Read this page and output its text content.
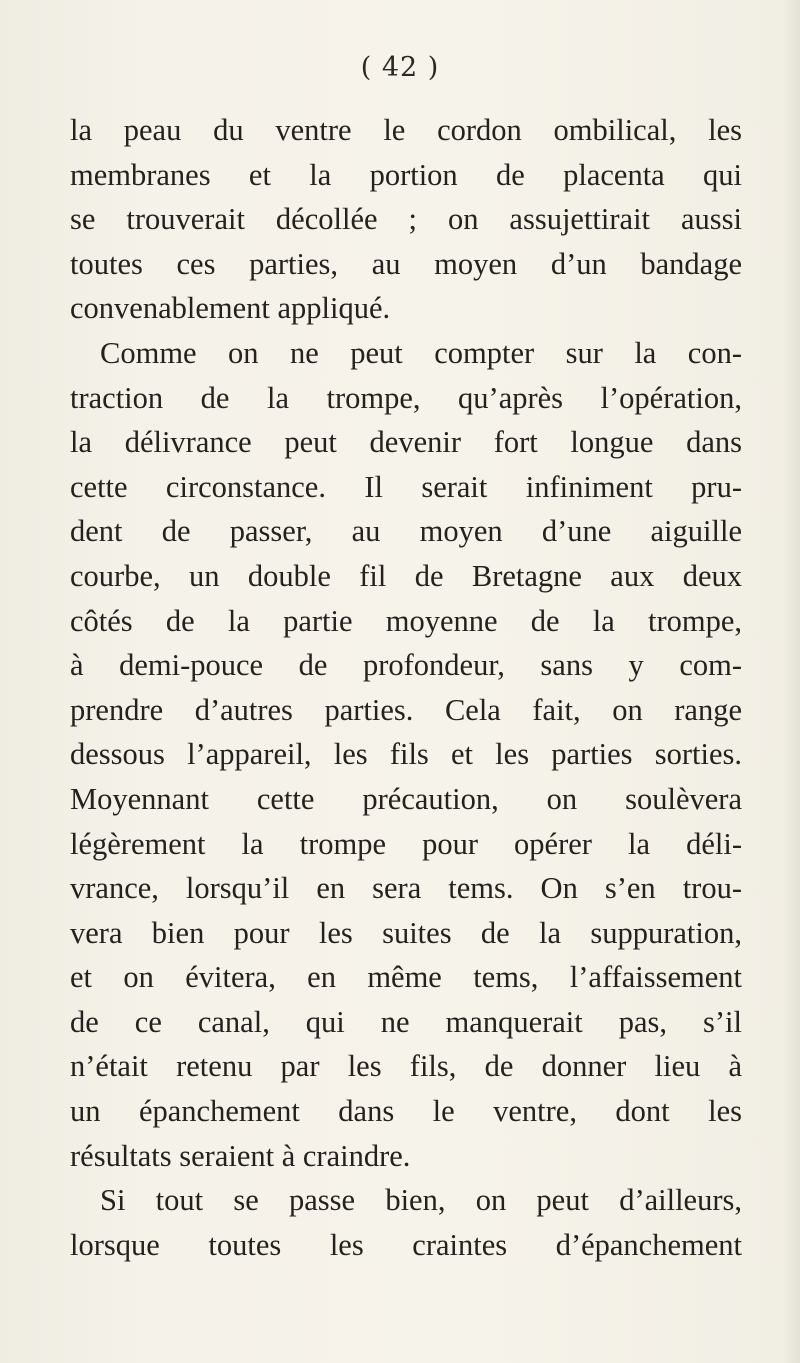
( 42 )
la peau du ventre le cordon ombilical, les
membranes et la portion de placenta qui
se trouverait décollée ; on assujettirait aussi
toutes ces parties, au moyen d’un bandage
convenablement appliqué.
Comme on ne peut compter sur la con-
traction de la trompe, qu’après l’opération,
la délivrance peut devenir fort longue dans
cette circonstance. Il serait infiniment pru-
dent de passer, au moyen d’une aiguille
courbe, un double fil de Bretagne aux deux
côtés de la partie moyenne de la trompe,
à demi-pouce de profondeur, sans y com-
prendre d’autres parties. Cela fait, on range
dessous l’appareil, les fils et les parties sorties.
Moyennant cette précaution, on soulèvera
légèrement la trompe pour opérer la déli-
vrance, lorsqu’il en sera tems. On s’en trou-
vera bien pour les suites de la suppuration,
et on évitera, en même tems, l’affaissement
de ce canal, qui ne manquerait pas, s’il
n’était retenu par les fils, de donner lieu à
un épanchement dans le ventre, dont les
résultats seraient à craindre.
Si tout se passe bien, on peut d’ailleurs,
lorsque toutes les craintes d’épanchement
